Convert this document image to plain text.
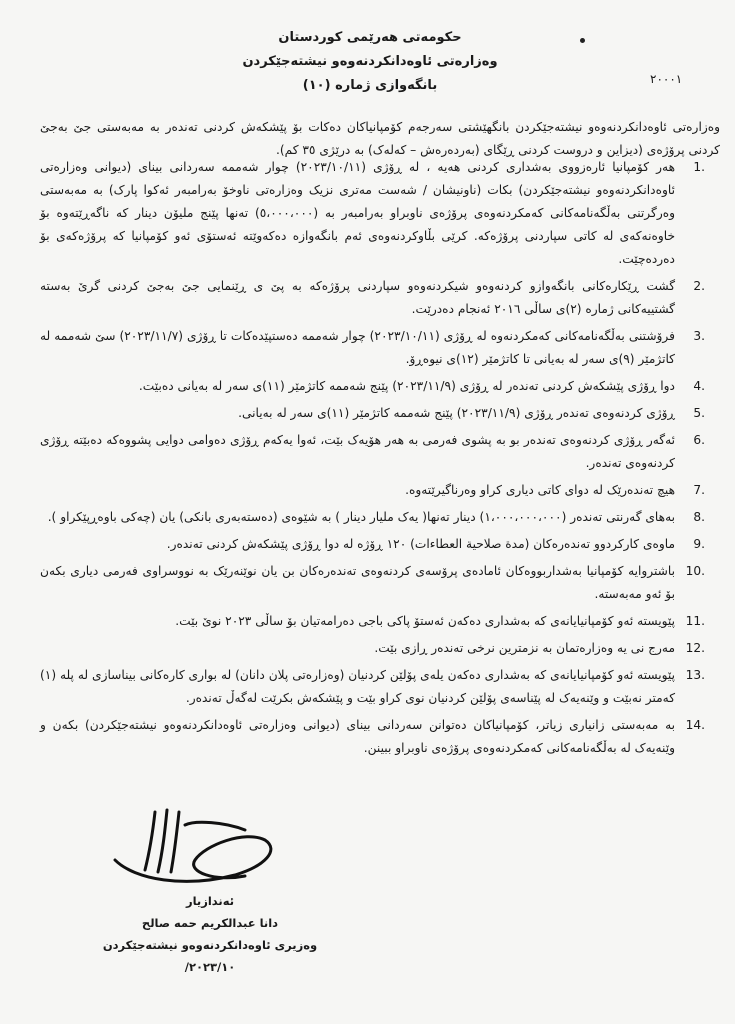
حکومەتی هەرێمی کوردستان
وەزارەتی ئاوەدانکردنەوەو نیشتەجێکردن
بانگەوازی ژمارە (١٠)	٢٠٠٠١
وەزارەتی ئاوەدانکردنەوەو نیشتەجێکردن بانگهێشتی سەرجەم کۆمپانیاکان دەکات بۆ پێشکەش کردنی تەندەر بە مەبەستی جێ بەجێ کردنی پرۆژەی (دیزاین و دروست کردنی ڕێگای (بەردەرەش – کەلەک) بە درێژی ٣٥ کم).
.1
هەر کۆمپانیا ئارەزووی بەشداری کردنی هەیە ، لە ڕۆژی (٢٠٢٣/١٠/١١) چوار شەممە سەردانی بینای (دیوانی وەزارەتی ئاوەدانکردنەوەو نیشتەجێکردن) بکات (ناونیشان / شەست مەتری نزیک وەزارەتی ناوخۆ بەرامبەر ئەکوا پارک) بە مەبەستی وەرگرتنی بەڵگەنامەکانی کەمکردنەوەی پرۆژەی ناوبراو بەرامبەر بە (٥،٠٠٠،٠٠٠) تەنها پێنج ملیۆن دینار کە ناگەڕێتەوە بۆ خاوەنەکەی لە کاتی سپاردنی پرۆژەکە. کرێی بڵاوکردنەوەی ئەم بانگەوازە دەکەوێتە ئەستۆی ئەو کۆمپانیا کە پرۆژەکەی بۆ دەردەچێت.
.2
گشت ڕێکارەکانی بانگەوازو کردنەوەو شیکردنەوەو سپاردنی پرۆژەکە بە پێ ی ڕێنمایی جێ بەجێ کردنی گرێ بەستە گشتییەکانی ژمارە (٢)ی ساڵی ٢٠١٦ ئەنجام دەدرێت.
.3
فرۆشتنی بەڵگەنامەکانی کەمکردنەوە لە ڕۆژی (٢٠٢٣/١٠/١١) چوار شەممە دەستپێدەکات تا ڕۆژی (٢٠٢٣/١١/٧) سێ شەممە لە کاتژمێر (٩)ی سەر لە بەیانی تا کاتژمێر (١٢)ی نیوەڕۆ.
.4
دوا ڕۆژی پێشکەش کردنی تەندەر لە ڕۆژی (٢٠٢٣/١١/٩) پێنج شەممە کاتژمێر (١١)ی سەر لە بەیانی دەبێت.
.5
ڕۆژی کردنەوەی تەندەر ڕۆژی (٢٠٢٣/١١/٩) پێنج شەممە کاتژمێر (١١)ی سەر لە بەیانی.
.6
ئەگەر ڕۆژی کردنەوەی تەندەر بو بە پشوی فەرمی بە هەر هۆیەک بێت، ئەوا یەکەم ڕۆژی دەوامی دوایی پشووەکە دەبێتە ڕۆژی کردنەوەی تەندەر.
.7
هیچ تەندەرێک لە دوای کاتی دیاری کراو وەرناگیرێتەوە.
.8
بەهای گەرنتی تەندەر (١،٠٠٠،٠٠٠،٠٠٠) دینار تەنها( یەک ملیار دینار ) بە شێوەی (دەستەبەری بانکی) یان (چەکی باوەڕپێکراو ).
.9
ماوەی کارکردوو تەندەرەکان (مدة صلاحیة العطاءات) ١٢٠ ڕۆژە لە دوا ڕۆژی پێشکەش کردنی تەندەر.
.10
باشتروایە کۆمپانیا بەشداربووەکان ئامادەی پرۆسەی کردنەوەی تەندەرەکان بن یان نوێنەرێک بە نووسراوی فەرمی دیاری بکەن بۆ ئەو مەبەستە.
.11
پێویستە ئەو کۆمپانیایانەی کە بەشداری دەکەن ئەستۆ پاکی باجی دەرامەتیان بۆ ساڵی ٢٠٢٣ نوێ بێت.
.12
مەرج نی یە وەزارەتمان بە نزمترین نرخی تەندەر ڕازی بێت.
.13
پێویستە ئەو کۆمپانیایانەی کە بەشداری دەکەن یلەی پۆلێن کردنیان (وەزارەتی پلان دانان) لە بواری کارەکانی بیناسازی لە پلە (١) کەمتر نەبێت و وێنەیەک لە پێناسەی پۆلێن کردنیان نوی کراو بێت و پێشکەش بکرێت لەگەڵ تەندەر.
.14
بە مەبەستی زانیاری زیاتر، کۆمپانیاکان دەتوانن سەردانی بینای (دیوانی وەزارەتی ئاوەدانکردنەوەو نیشتەجێکردن) بکەن و وێنەیەک لە بەڵگەنامەکانی کەمکردنەوەی پرۆژەی ناوبراو ببینن.
ئەندازیار
دانا عبدالکریم حمە صالح
وەزیری ئاوەدانکردنەوەو نیشتەجێکردن
٢٠٢٣/١٠/
